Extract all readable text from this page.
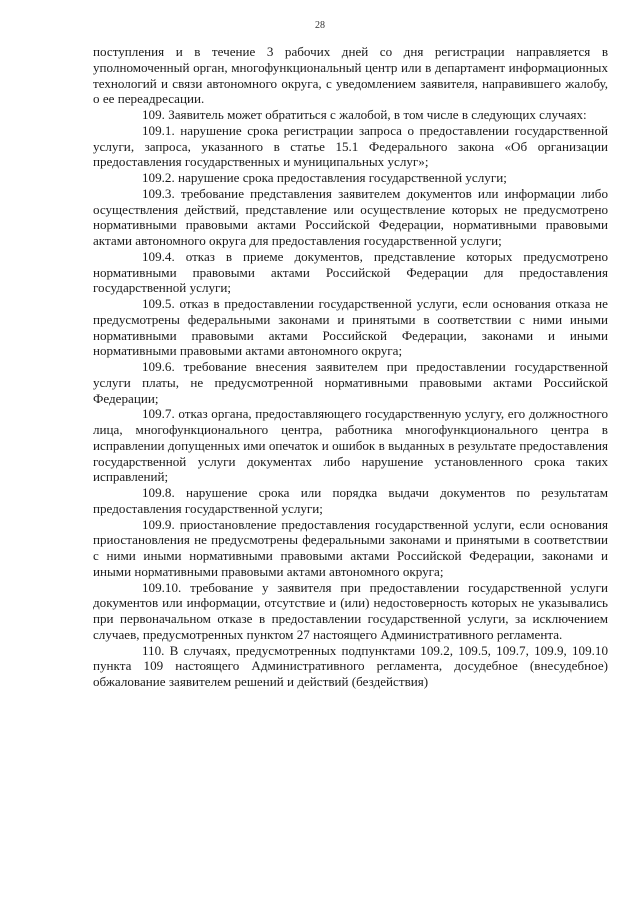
28

поступления и в течение 3 рабочих дней со дня регистрации направляется в уполномоченный орган, многофункциональный центр или в департамент информационных технологий и связи автономного округа, с уведомлением заявителя, направившего жалобу, о ее переадресации.

109. Заявитель может обратиться с жалобой, в том числе в следующих случаях:

109.1. нарушение срока регистрации запроса о предоставлении государственной услуги, запроса, указанного в статье 15.1 Федерального закона «Об организации предоставления государственных и муниципальных услуг»;

109.2. нарушение срока предоставления государственной услуги;

109.3. требование представления заявителем документов или информации либо осуществления действий, представление или осуществление которых не предусмотрено нормативными правовыми актами Российской Федерации, нормативными правовыми актами автономного округа для предоставления государственной услуги;

109.4. отказ в приеме документов, представление которых предусмотрено нормативными правовыми актами Российской Федерации для предоставления государственной услуги;

109.5. отказ в предоставлении государственной услуги, если основания отказа не предусмотрены федеральными законами и принятыми в соответствии с ними иными нормативными правовыми актами Российской Федерации, законами и иными нормативными правовыми актами автономного округа;

109.6. требование внесения заявителем при предоставлении государственной услуги платы, не предусмотренной нормативными правовыми актами Российской Федерации;

109.7. отказ органа, предоставляющего государственную услугу, его должностного лица, многофункционального центра, работника многофункционального центра в исправлении допущенных ими опечаток и ошибок в выданных в результате предоставления государственной услуги документах либо нарушение установленного срока таких исправлений;

109.8. нарушение срока или порядка выдачи документов по результатам предоставления государственной услуги;

109.9. приостановление предоставления государственной услуги, если основания приостановления не предусмотрены федеральными законами и принятыми в соответствии с ними иными нормативными правовыми актами Российской Федерации, законами и иными нормативными правовыми актами автономного округа;

109.10. требование у заявителя при предоставлении государственной услуги документов или информации, отсутствие и (или) недостоверность которых не указывались при первоначальном отказе в предоставлении государственной услуги, за исключением случаев, предусмотренных пунктом 27 настоящего Административного регламента.

110. В случаях, предусмотренных подпунктами 109.2, 109.5, 109.7, 109.9, 109.10 пункта 109 настоящего Административного регламента, досудебное (внесудебное) обжалование заявителем решений и действий (бездействия)
